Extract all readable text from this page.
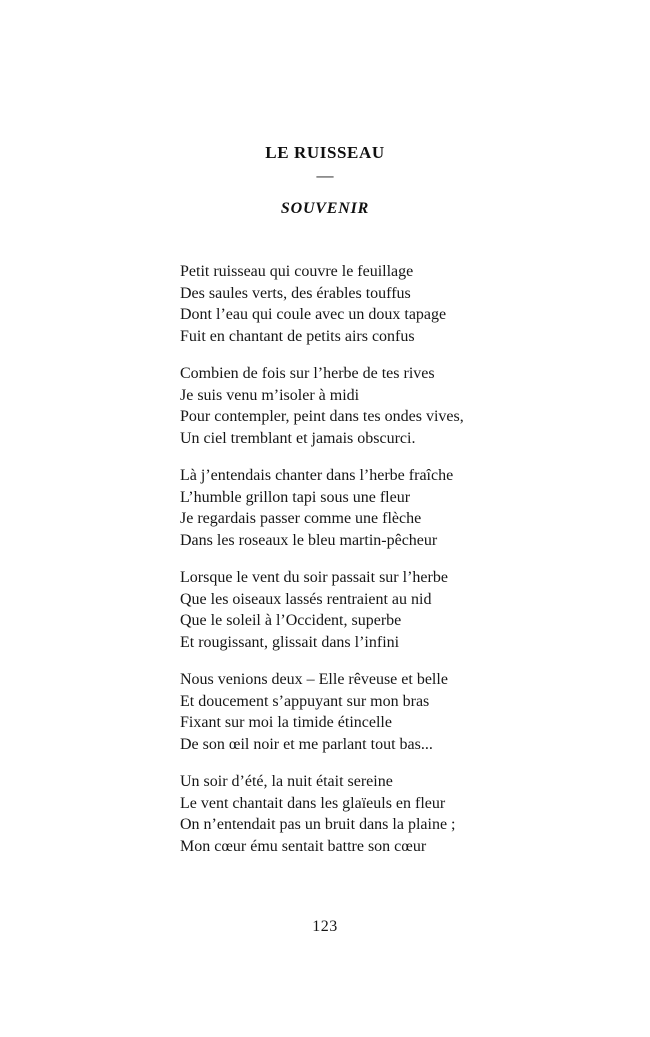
LE RUISSEAU
—
SOUVENIR
Petit ruisseau qui couvre le feuillage
Des saules verts, des érables touffus
Dont l’eau qui coule avec un doux tapage
Fuit en chantant de petits airs confus
Combien de fois sur l’herbe de tes rives
Je suis venu m’isoler à midi
Pour contempler, peint dans tes ondes vives,
Un ciel tremblant et jamais obscurci.
Là j’entendais chanter dans l’herbe fraîche
L’humble grillon tapi sous une fleur
Je regardais passer comme une flèche
Dans les roseaux le bleu martin-pêcheur
Lorsque le vent du soir passait sur l’herbe
Que les oiseaux lassés rentraient au nid
Que le soleil à l’Occident, superbe
Et rougissant, glissait dans l’infini
Nous venions deux – Elle rêveuse et belle
Et doucement s’appuyant sur mon bras
Fixant sur moi la timide étincelle
De son œil noir et me parlant tout bas...
Un soir d’été, la nuit était sereine
Le vent chantait dans les glaïeuls en fleur
On n’entendait pas un bruit dans la plaine ;
Mon cœur ému sentait battre son cœur
123
